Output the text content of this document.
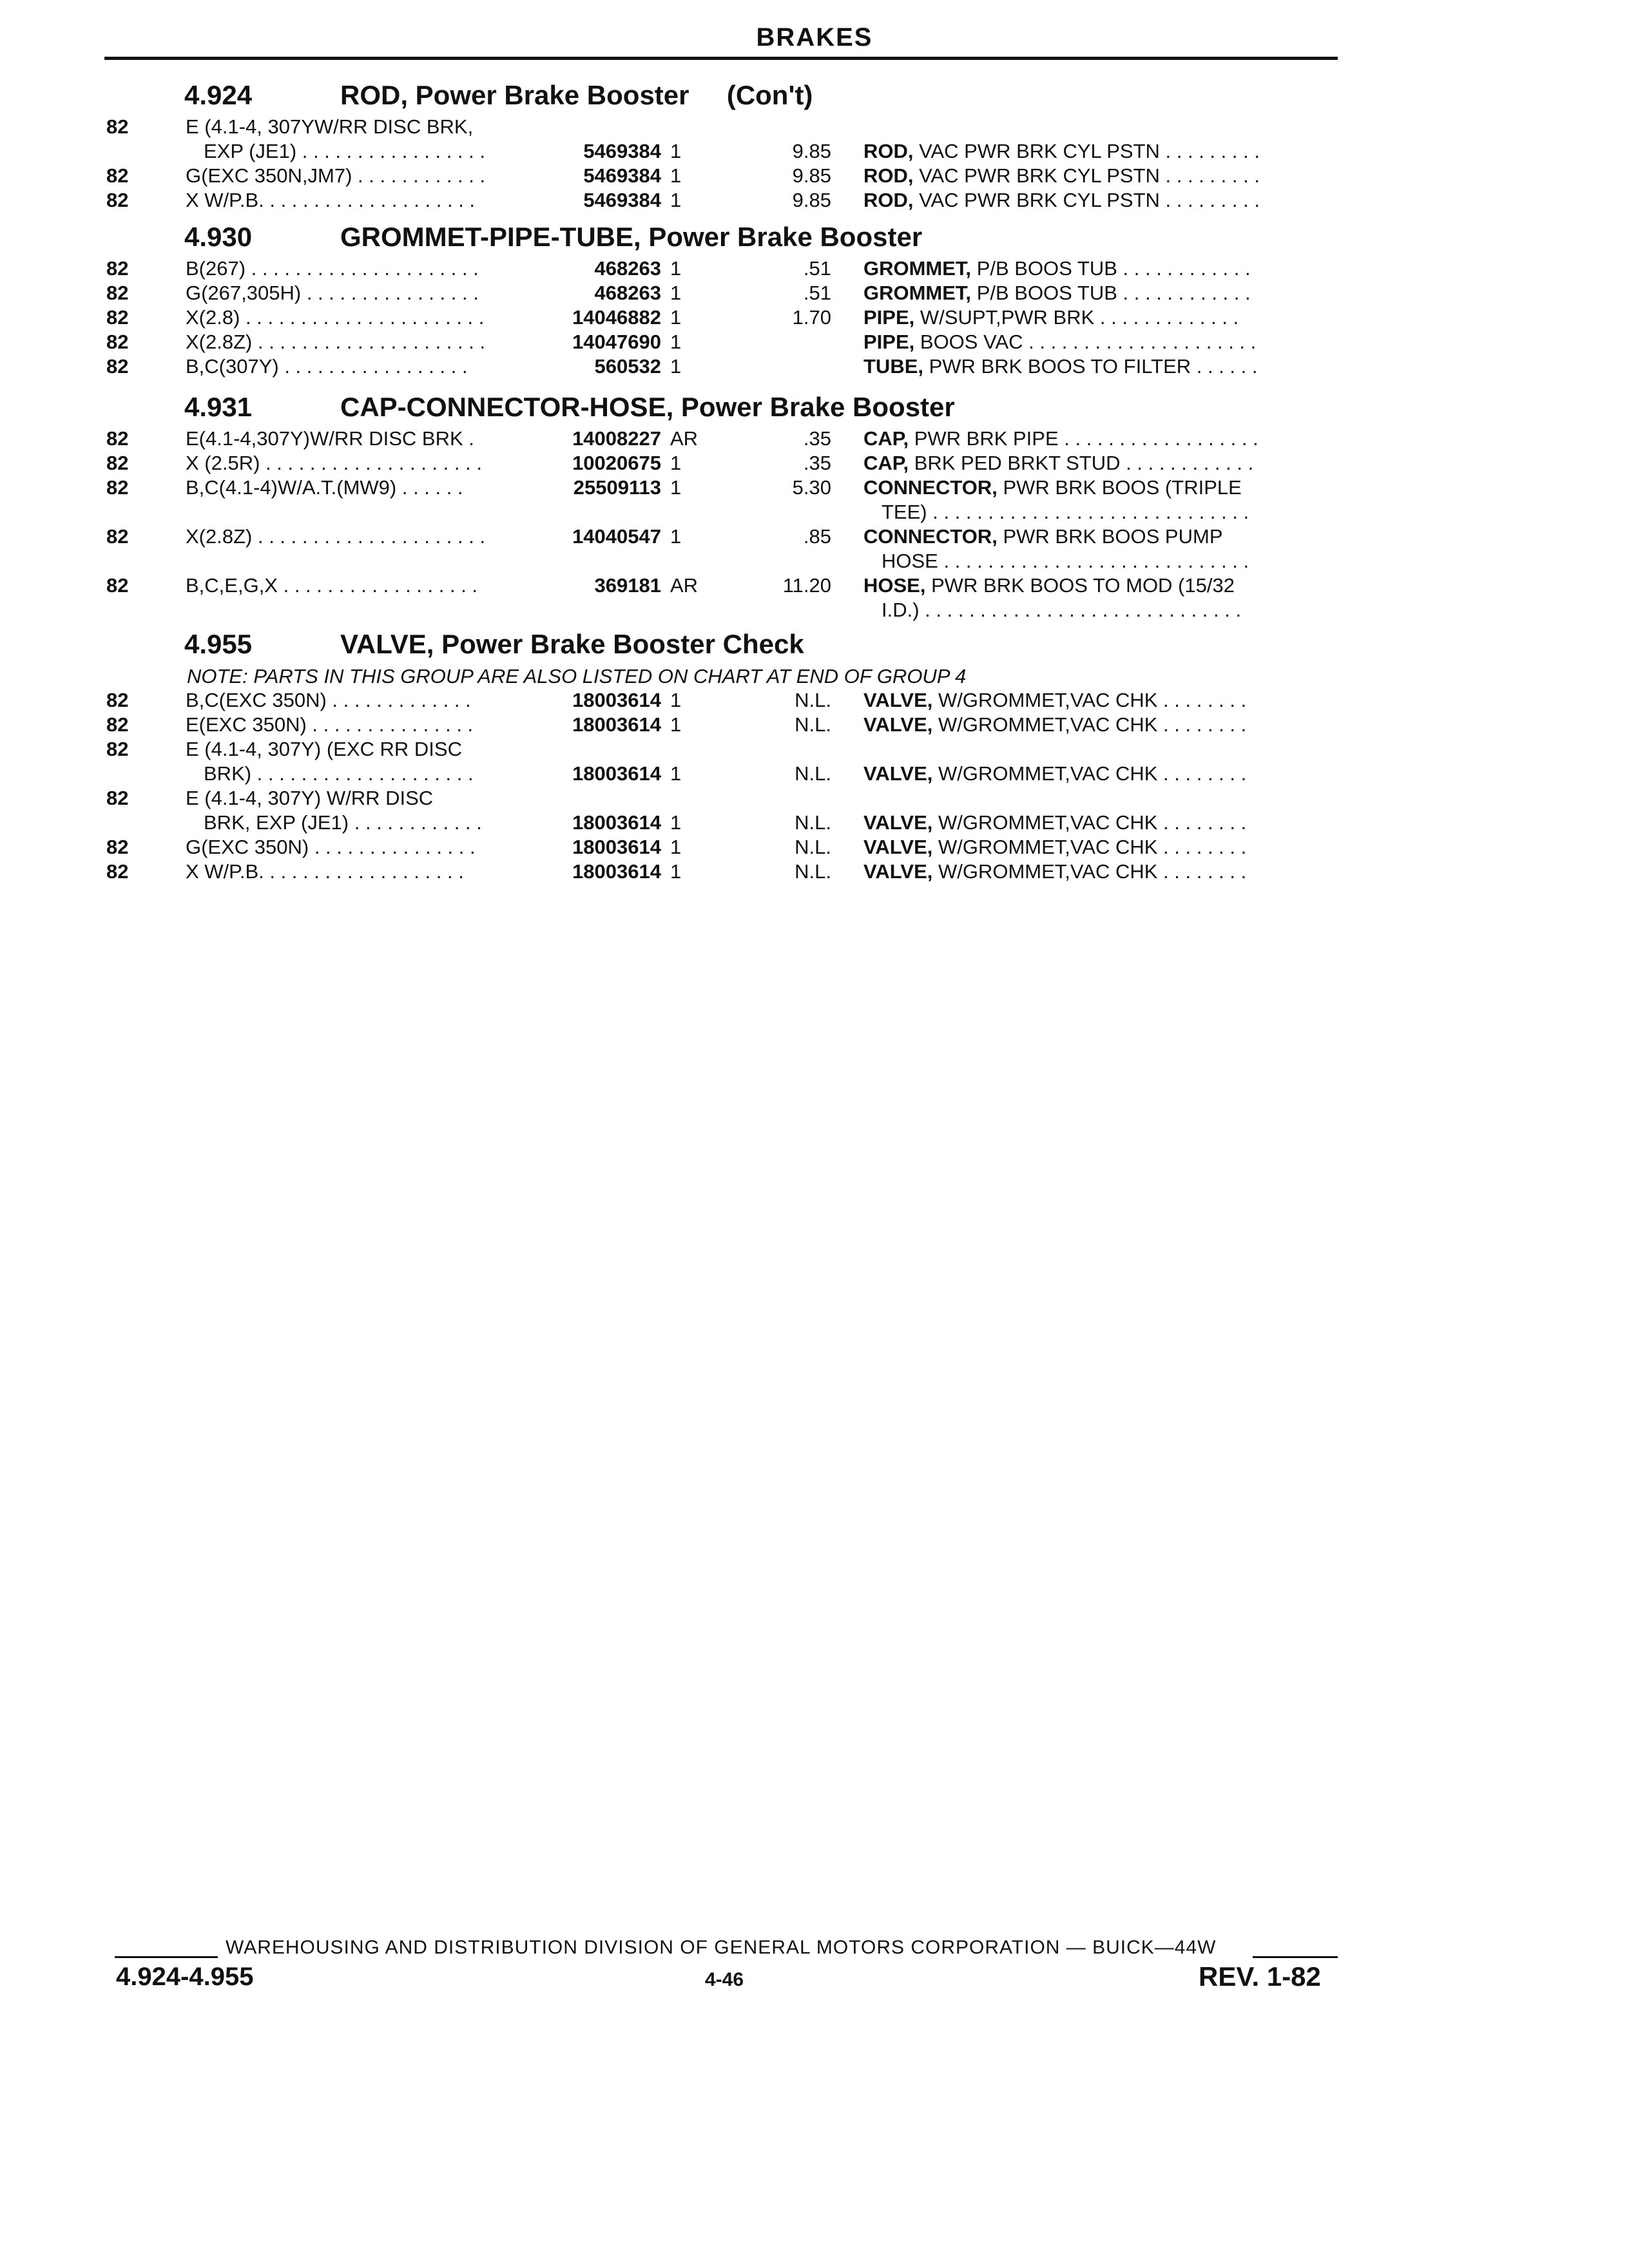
BRAKES
4.924	ROD, Power Brake Booster     (Con't)
82	E (4.1-4, 307YW/RR DISC BRK,
EXP (JE1) . . . . . . . . . . . . . . . . .	5469384 1	9.85 ROD, VAC PWR BRK CYL PSTN . . . . . . . . .
82	G(EXC 350N,JM7) . . . . . . . . . . . .	5469384 1	9.85 ROD, VAC PWR BRK CYL PSTN . . . . . . . . .
82	X W/P.B. . . . . . . . . . . . . . . . . . . .	5469384 1	9.85 ROD, VAC PWR BRK CYL PSTN . . . . . . . . .
4.930	GROMMET-PIPE-TUBE, Power Brake Booster
82	B(267) . . . . . . . . . . . . . . . . . . . . .	468263 1	.51 GROMMET, P/B BOOS TUB . . . . . . . . . . . .
82	G(267,305H) . . . . . . . . . . . . . . . .	468263 1	.51 GROMMET, P/B BOOS TUB . . . . . . . . . . . .
82	X(2.8) . . . . . . . . . . . . . . . . . . . . . .	14046882 1	1.70 PIPE, W/SUPT,PWR BRK . . . . . . . . . . . . .
82	X(2.8Z) . . . . . . . . . . . . . . . . . . . . .	14047690 1	PIPE, BOOS VAC . . . . . . . . . . . . . . . . . . . . .
82	B,C(307Y) . . . . . . . . . . . . . . . . .	560532 1	TUBE, PWR BRK BOOS TO FILTER . . . . . .
4.931	CAP-CONNECTOR-HOSE, Power Brake Booster
82	E(4.1-4,307Y)W/RR DISC BRK .	14008227 AR	.35 CAP, PWR BRK PIPE . . . . . . . . . . . . . . . . . .
82	X (2.5R) . . . . . . . . . . . . . . . . . . . .	10020675 1	.35 CAP, BRK PED BRKT STUD . . . . . . . . . . . .
82	B,C(4.1-4)W/A.T.(MW9) . . . . . .	25509113 1	5.30 CONNECTOR, PWR BRK BOOS (TRIPLE
TEE) . . . . . . . . . . . . . . . . . . . . . . . . . . . . .
82	X(2.8Z) . . . . . . . . . . . . . . . . . . . . .	14040547 1	.85 CONNECTOR, PWR BRK BOOS PUMP
HOSE . . . . . . . . . . . . . . . . . . . . . . . . . . . .
82	B,C,E,G,X . . . . . . . . . . . . . . . . . .	369181 AR	11.20 HOSE, PWR BRK BOOS TO MOD (15/32
I.D.) . . . . . . . . . . . . . . . . . . . . . . . . . . . . .
4.955	VALVE, Power Brake Booster Check
NOTE: PARTS IN THIS GROUP ARE ALSO LISTED ON CHART AT END OF GROUP 4
82	B,C(EXC 350N) . . . . . . . . . . . . .	18003614 1	N.L. VALVE, W/GROMMET,VAC CHK . . . . . . . .
82	E(EXC 350N) . . . . . . . . . . . . . . .	18003614 1	N.L. VALVE, W/GROMMET,VAC CHK . . . . . . . .
82	E (4.1-4, 307Y) (EXC RR DISC
BRK) . . . . . . . . . . . . . . . . . . . .	18003614 1	N.L. VALVE, W/GROMMET,VAC CHK . . . . . . . .
82	E (4.1-4, 307Y) W/RR DISC
BRK, EXP (JE1) . . . . . . . . . . . .	18003614 1	N.L. VALVE, W/GROMMET,VAC CHK . . . . . . . .
82	G(EXC 350N) . . . . . . . . . . . . . . .	18003614 1	N.L. VALVE, W/GROMMET,VAC CHK . . . . . . . .
82	X W/P.B. . . . . . . . . . . . . . . . . . .	18003614 1	N.L. VALVE, W/GROMMET,VAC CHK . . . . . . . .
WAREHOUSING AND DISTRIBUTION DIVISION OF GENERAL MOTORS CORPORATION — BUICK—44W
4.924-4.955	4-46	REV. 1-82
